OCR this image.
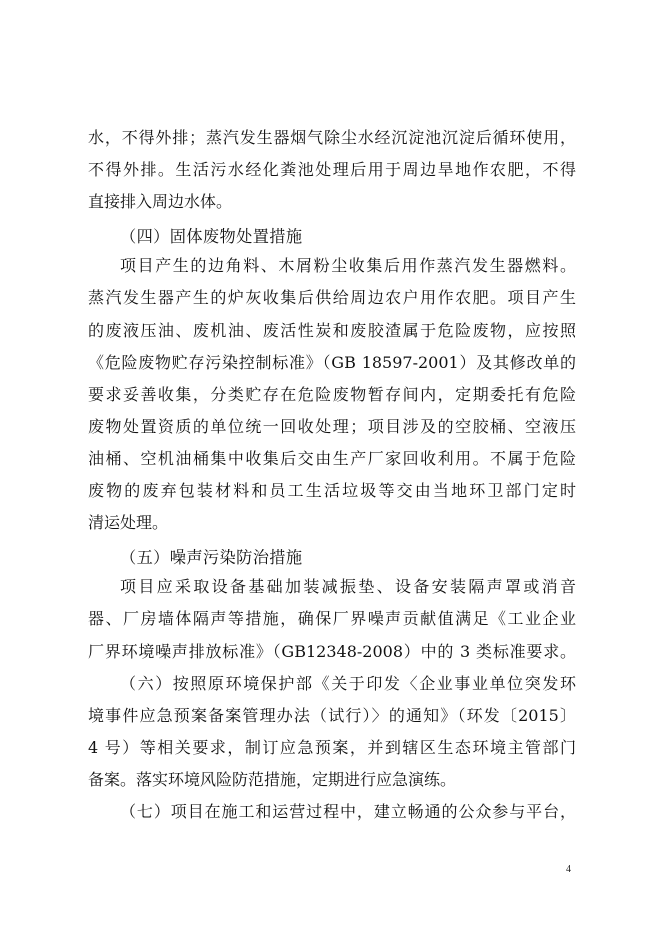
水，不得外排；蒸汽发生器烟气除尘水经沉淀池沉淀后循环使用，
不得外排。生活污水经化粪池处理后用于周边旱地作农肥，不得
直接排入周边水体。
（四）固体废物处置措施
项目产生的边角料、木屑粉尘收集后用作蒸汽发生器燃料。
蒸汽发生器产生的炉灰收集后供给周边农户用作农肥。项目产生
的废液压油、废机油、废活性炭和废胶渣属于危险废物，应按照
《危险废物贮存污染控制标准》（GB 18597-2001）及其修改单的
要求妥善收集，分类贮存在危险废物暂存间内，定期委托有危险
废物处置资质的单位统一回收处理；项目涉及的空胶桶、空液压
油桶、空机油桶集中收集后交由生产厂家回收利用。不属于危险
废物的废弃包装材料和员工生活垃圾等交由当地环卫部门定时
清运处理。
（五）噪声污染防治措施
项目应采取设备基础加装减振垫、设备安装隔声罩或消音
器、厂房墙体隔声等措施，确保厂界噪声贡献值满足《工业企业
厂界环境噪声排放标准》（GB12348-2008）中的 3 类标准要求。
（六）按照原环境保护部《关于印发〈企业事业单位突发环
境事件应急预案备案管理办法（试行）〉的通知》（环发〔2015〕
4 号）等相关要求，制订应急预案，并到辖区生态环境主管部门
备案。落实环境风险防范措施，定期进行应急演练。
（七）项目在施工和运营过程中，建立畅通的公众参与平台，
4
